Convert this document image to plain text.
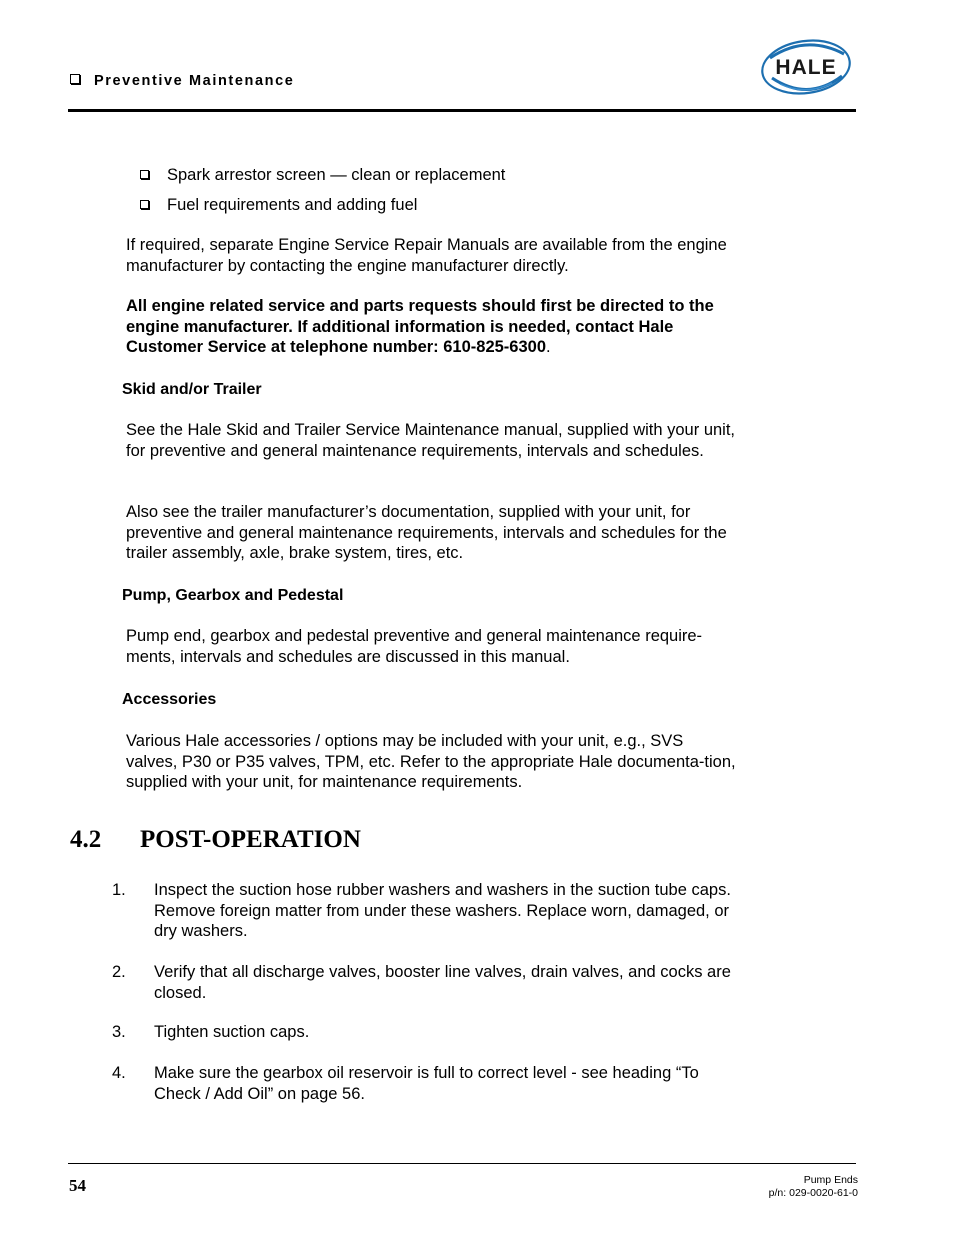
Preventive Maintenance
HALE
Spark arrestor screen — clean or replacement
Fuel requirements and adding fuel
If required, separate Engine Service Repair Manuals are available from the engine manufacturer by contacting the engine manufacturer directly.
All engine related service and parts requests should first be directed to the engine manufacturer. If additional information is needed, contact Hale Customer Service at telephone number: 610-825-6300.
Skid and/or Trailer
See the Hale Skid and Trailer Service Maintenance manual, supplied with your unit, for preventive and general maintenance requirements, intervals and schedules.
Also see the trailer manufacturer’s documentation, supplied with your unit, for preventive and general maintenance requirements, intervals and schedules for the trailer assembly, axle, brake system, tires, etc.
Pump, Gearbox and Pedestal
Pump end, gearbox and pedestal preventive and general maintenance require-ments, intervals and schedules are discussed in this manual.
Accessories
Various Hale accessories / options may be included with your unit, e.g., SVS valves, P30 or P35 valves, TPM, etc. Refer to the appropriate Hale documenta-tion, supplied with your unit, for maintenance requirements.
4.2 POST-OPERATION
1. Inspect the suction hose rubber washers and washers in the suction tube caps. Remove foreign matter from under these washers. Replace worn, damaged, or dry washers.
2. Verify that all discharge valves, booster line valves, drain valves, and cocks are closed.
3. Tighten suction caps.
4. Make sure the gearbox oil reservoir is full to correct level - see heading “To Check / Add Oil” on page 56.
54	Pump Ends
p/n: 029-0020-61-0
